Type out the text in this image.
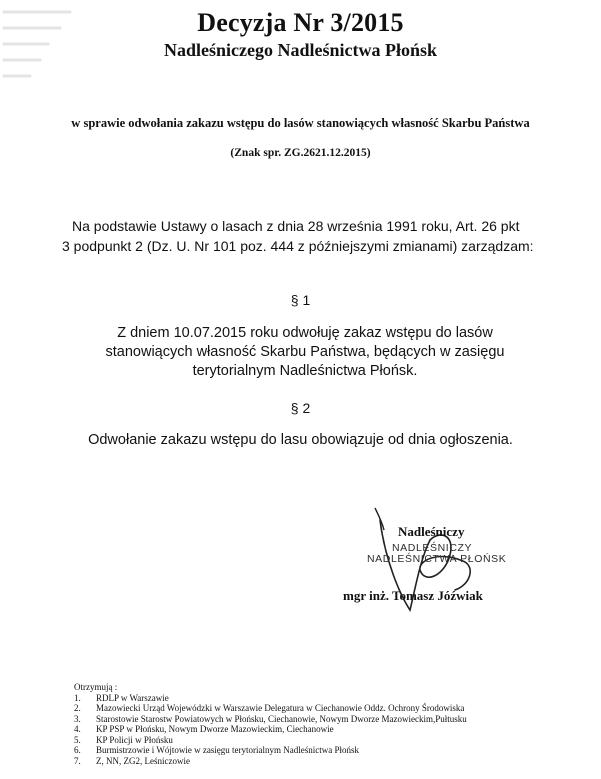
Decyzja Nr 3/2015
Nadleśniczego Nadleśnictwa Płońsk
w sprawie odwołania zakazu wstępu do lasów stanowiących własność Skarbu Państwa
(Znak spr. ZG.2621.12.2015)
Na podstawie Ustawy o lasach z dnia 28 września 1991 roku, Art. 26 pkt
3 podpunkt 2 (Dz. U. Nr 101 poz. 444 z późniejszymi zmianami) zarządzam:
§ 1
Z dniem 10.07.2015 roku odwołuję zakaz wstępu do lasów stanowiących własność Skarbu Państwa, będących w zasięgu terytorialnym Nadleśnictwa Płońsk.
§ 2
Odwołanie zakazu wstępu do lasu obowiązuje od dnia ogłoszenia.
Nadleśniczy
NADLEŚNICZY
NADLEŚNICTWA PŁOŃSK
mgr inż. Tomasz Jóźwiak
Otrzymują :
1.	RDLP w Warszawie
2.	Mazowiecki Urząd Wojewódzki w Warszawie Delegatura w Ciechanowie Oddz. Ochrony Środowiska
3.	Starostowie Starostw Powiatowych w Płońsku, Ciechanowie, Nowym Dworze Mazowieckim,Pułtusku
4.	KP PSP w Płońsku, Nowym Dworze Mazowieckim, Ciechanowie
5.	KP Policji w Płońsku
6.	Burmistrzowie i Wójtowie w zasięgu terytorialnym Nadleśnictwa Płońsk
7.	Z, NN, ZG2, Leśniczowie
